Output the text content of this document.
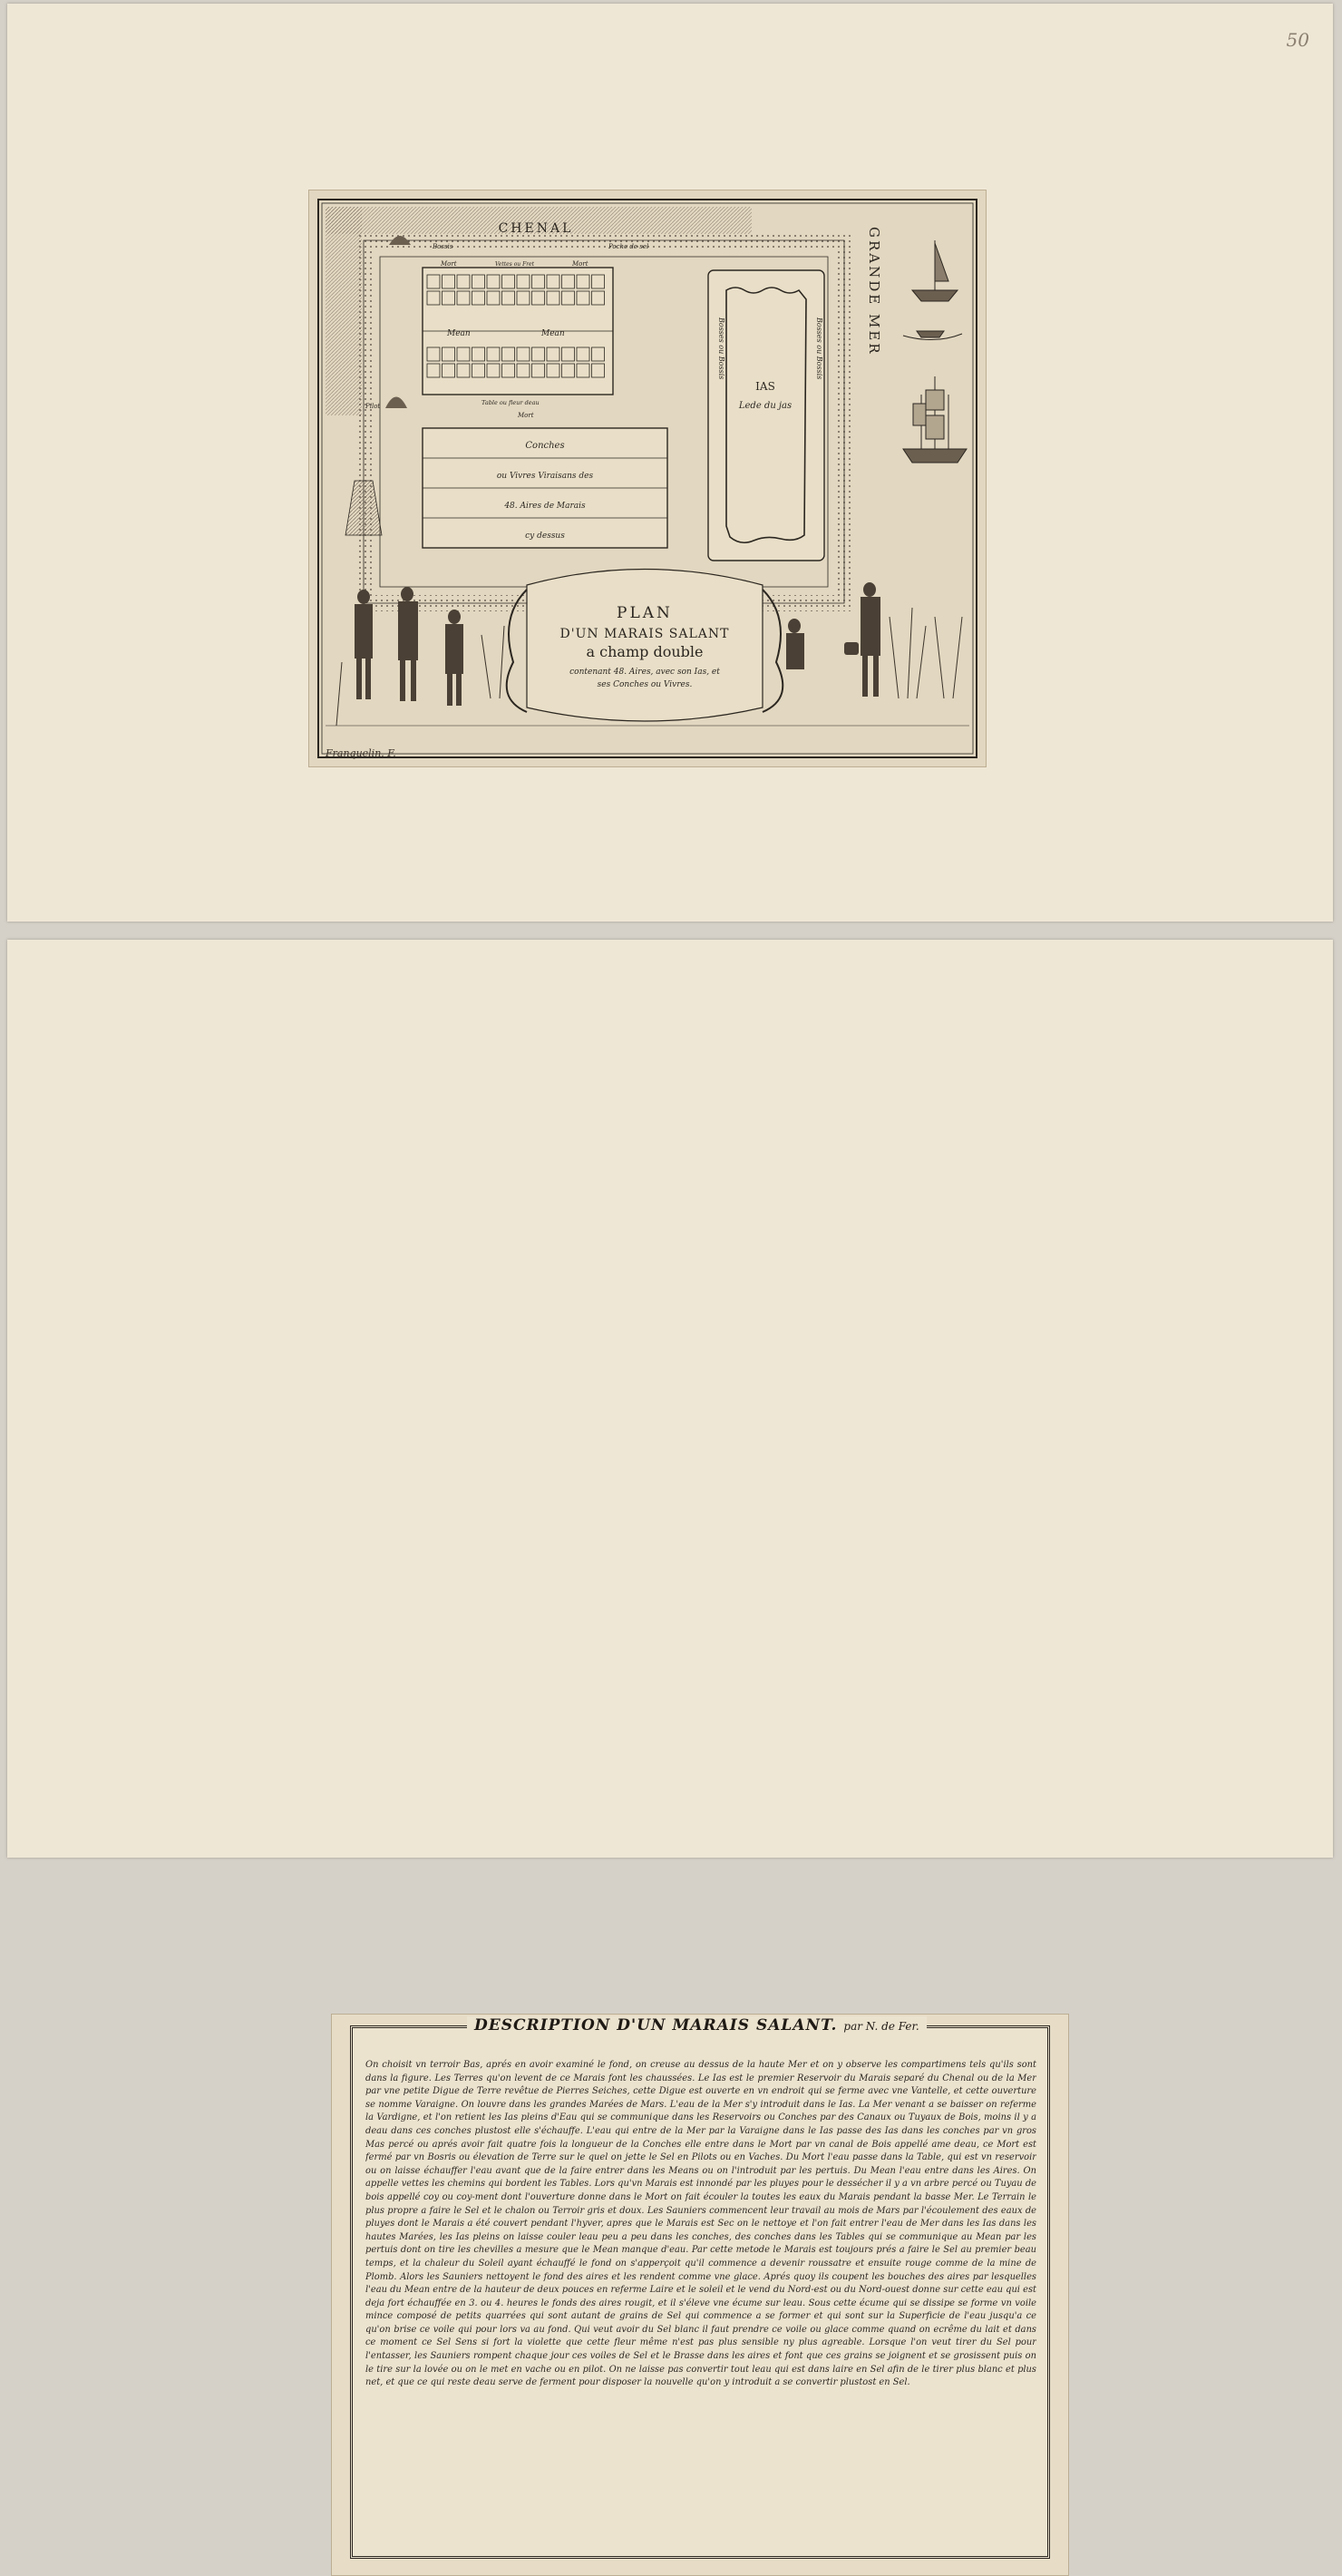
50
CHENAL
Mort	Vettes ou Fret	Mort
Mean	Mean
Table ou fleur deau
Mort
Bossis	Poche de sel
Pilot
Conches
ou Vivres Viraisans des
48. Aires de Marais
cy dessus
IAS
Lede du jas
Bosses ou Bossis	Bosses ou Bossis	GRANDE MER
PLAN
D'UN MARAIS SALANT
a champ double
contenant 48. Aires, avec son Ias, et
ses Conches ou Vivres.
Franquelin. F.
DESCRIPTION D'UN MARAIS SALANT. par N. de Fer.
On choisit vn terroir Bas, aprés en avoir examiné le fond, on creuse au dessus de la haute Mer et on y observe les compartimens tels qu'ils sont dans la figure. Les Terres qu'on levent de ce Marais font les chaussées. Le Ias est le premier Reservoir du Marais separé du Chenal ou de la Mer par vne petite Digue de Terre revêtue de Pierres Seiches, cette Digue est ouverte en vn endroit qui se ferme avec vne Vantelle, et cette ouverture se nomme Varaigne. On louvre dans les grandes Marées de Mars. L'eau de la Mer s'y introduit dans le Ias. La Mer venant a se baisser on referme la Vardigne, et l'on retient les Ias pleins d'Eau qui se communique dans les Reservoirs ou Conches par des Canaux ou Tuyaux de Bois, moins il y a deau dans ces conches plustost elle s'échauffe. L'eau qui entre de la Mer par la Varaigne dans le Ias passe des Ias dans les conches par vn gros Mas percé ou aprés avoir fait quatre fois la longueur de la Conches elle entre dans le Mort par vn canal de Bois appellé ame deau, ce Mort est fermé par vn Bosris ou élevation de Terre sur le quel on jette le Sel en Pilots ou en Vaches. Du Mort l'eau passe dans la Table, qui est vn reservoir ou on laisse échauffer l'eau avant que de la faire entrer dans les Means ou on l'introduit par les pertuis. Du Mean l'eau entre dans les Aires. On appelle vettes les chemins qui bordent les Tables. Lors qu'vn Marais est innondé par les pluyes pour le dessécher il y a vn arbre percé ou Tuyau de bois appellé coy ou coy-ment dont l'ouverture donne dans le Mort on fait écouler la toutes les eaux du Marais pendant la basse Mer. Le Terrain le plus propre a faire le Sel et le chalon ou Terroir gris et doux. Les Sauniers commencent leur travail au mois de Mars par l'écoulement des eaux de pluyes dont le Marais a été couvert pendant l'hyver, apres que le Marais est Sec on le nettoye et l'on fait entrer l'eau de Mer dans les Ias dans les hautes Marées, les Ias pleins on laisse couler leau peu a peu dans les conches, des conches dans les Tables qui se communique au Mean par les pertuis dont on tire les chevilles a mesure que le Mean manque d'eau. Par cette metode le Marais est toujours prés a faire le Sel au premier beau temps, et la chaleur du Soleil ayant échauffé le fond on s'apperçoit qu'il commence a devenir roussatre et ensuite rouge comme de la mine de Plomb. Alors les Sauniers nettoyent le fond des aires et les rendent comme vne glace. Aprés quoy ils coupent les bouches des aires par lesquelles l'eau du Mean entre de la hauteur de deux pouces en referme Laire et le soleil et le vend du Nord-est ou du Nord-ouest donne sur cette eau qui est deja fort échauffée en 3. ou 4. heures le fonds des aires rougit, et il s'éleve vne écume sur leau. Sous cette écume qui se dissipe se forme vn voile mince composé de petits quarrées qui sont autant de grains de Sel qui commence a se former et qui sont sur la Superficie de l'eau jusqu'a ce qu'on brise ce voile qui pour lors va au fond. Qui veut avoir du Sel blanc il faut prendre ce voile ou glace comme quand on ecrême du lait et dans ce moment ce Sel Sens si fort la violette que cette fleur même n'est pas plus sensible ny plus agreable. Lorsque l'on veut tirer du Sel pour l'entasser, les Sauniers rompent chaque jour ces voiles de Sel et le Brasse dans les aires et font que ces grains se joignent et se grosissent puis on le tire sur la lovée ou on le met en vache ou en pilot. On ne laisse pas convertir tout leau qui est dans laire en Sel afin de le tirer plus blanc et plus net, et que ce qui reste deau serve de ferment pour disposer la nouvelle qu'on y introduit a se convertir plustost en Sel.
